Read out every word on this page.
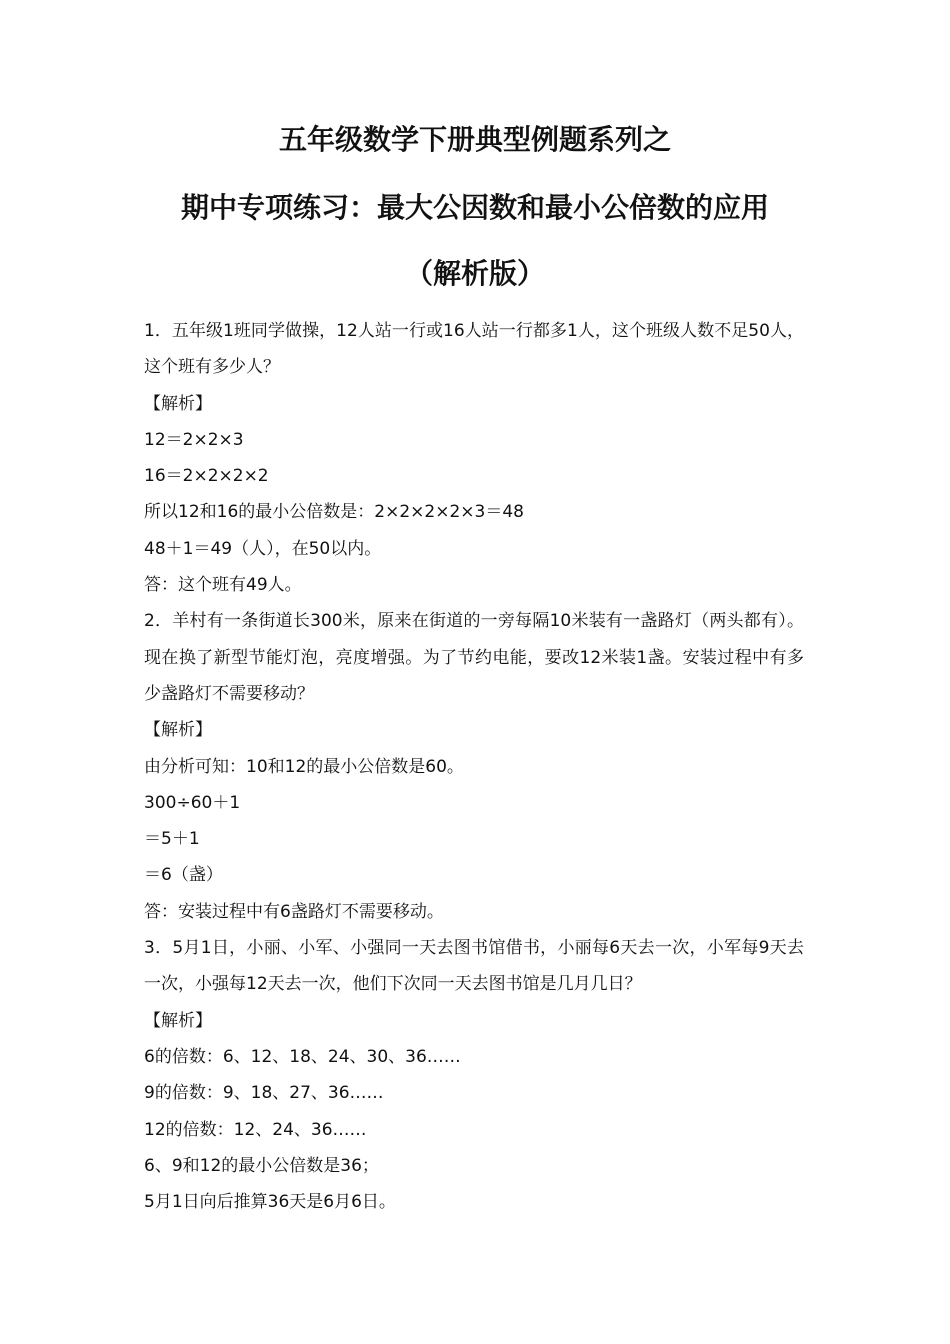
五年级数学下册典型例题系列之
期中专项练习：最大公因数和最小公倍数的应用
（解析版）
1．五年级1班同学做操，12人站一行或16人站一行都多1人，这个班级人数不足50人，这个班有多少人？
【解析】
12＝2×2×3
16＝2×2×2×2
所以12和16的最小公倍数是：2×2×2×2×3＝48
48＋1＝49（人），在50以内。
答：这个班有49人。
2．羊村有一条街道长300米，原来在街道的一旁每隔10米装有一盏路灯（两头都有）。现在换了新型节能灯泡，亮度增强。为了节约电能，要改12米装1盏。安装过程中有多少盏路灯不需要移动？
【解析】
由分析可知：10和12的最小公倍数是60。
300÷60＋1
＝5＋1
＝6（盏）
答：安装过程中有6盏路灯不需要移动。
3．5月1日，小丽、小军、小强同一天去图书馆借书，小丽每6天去一次，小军每9天去一次，小强每12天去一次，他们下次同一天去图书馆是几月几日？
【解析】
6的倍数：6、12、18、24、30、36……
9的倍数：9、18、27、36……
12的倍数：12、24、36……
6、9和12的最小公倍数是36；
5月1日向后推算36天是6月6日。
